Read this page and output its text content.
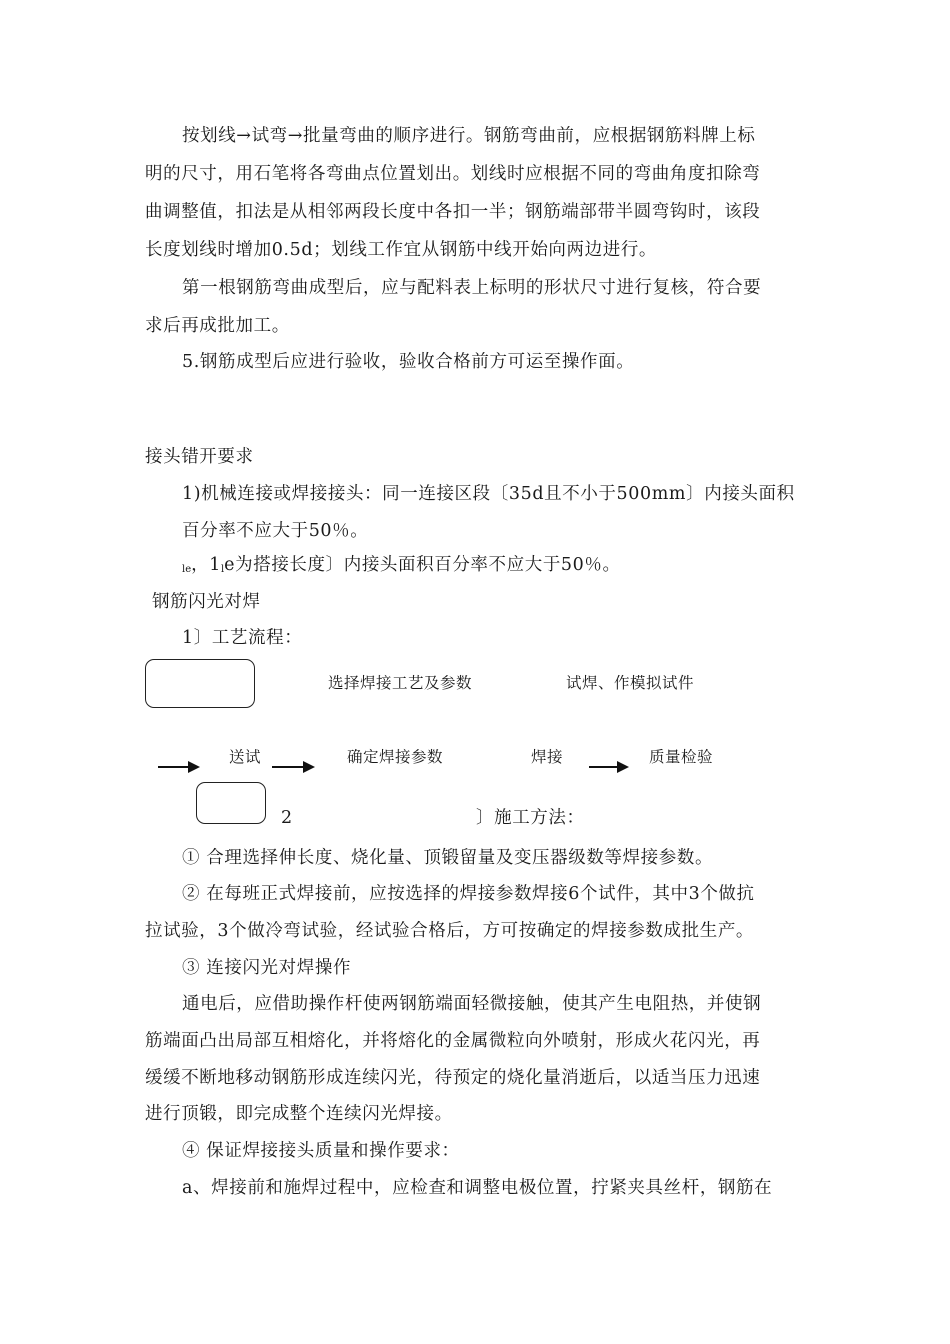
按划线→试弯→批量弯曲的顺序进行。钢筋弯曲前，应根据钢筋料牌上标
明的尺寸，用石笔将各弯曲点位置划出。划线时应根据不同的弯曲角度扣除弯
曲调整值，扣法是从相邻两段长度中各扣一半；钢筋端部带半圆弯钩时，该段
长度划线时增加0.5d；划线工作宜从钢筋中线开始向两边进行。
第一根钢筋弯曲成型后，应与配料表上标明的形状尺寸进行复核，符合要
求后再成批加工。
5.钢筋成型后应进行验收，验收合格前方可运至操作面。
接头错开要求
1)机械连接或焊接接头：同一连接区段〔35d且不小于500mm〕内接头面积
百分率不应大于50％。
$_{le}$，$1_le$为搭接长度〕内接头面积百分率不应大于50％。
钢筋闪光对焊
1〕工艺流程：
选择焊接工艺及参数	试焊、作模拟试件
送试	确定焊接参数	焊接	质量检验
2	〕施工方法：
① 合理选择伸长度、烧化量、顶锻留量及变压器级数等焊接参数。
② 在每班正式焊接前，应按选择的焊接参数焊接6个试件，其中3个做抗
拉试验，3个做冷弯试验，经试验合格后，方可按确定的焊接参数成批生产。
③ 连接闪光对焊操作
通电后，应借助操作杆使两钢筋端面轻微接触，使其产生电阻热，并使钢
筋端面凸出局部互相熔化，并将熔化的金属微粒向外喷射，形成火花闪光，再
缓缓不断地移动钢筋形成连续闪光，待预定的烧化量消逝后，以适当压力迅速
进行顶锻，即完成整个连续闪光焊接。
④ 保证焊接接头质量和操作要求：
a、焊接前和施焊过程中，应检查和调整电极位置，拧紧夹具丝杆，钢筋在
